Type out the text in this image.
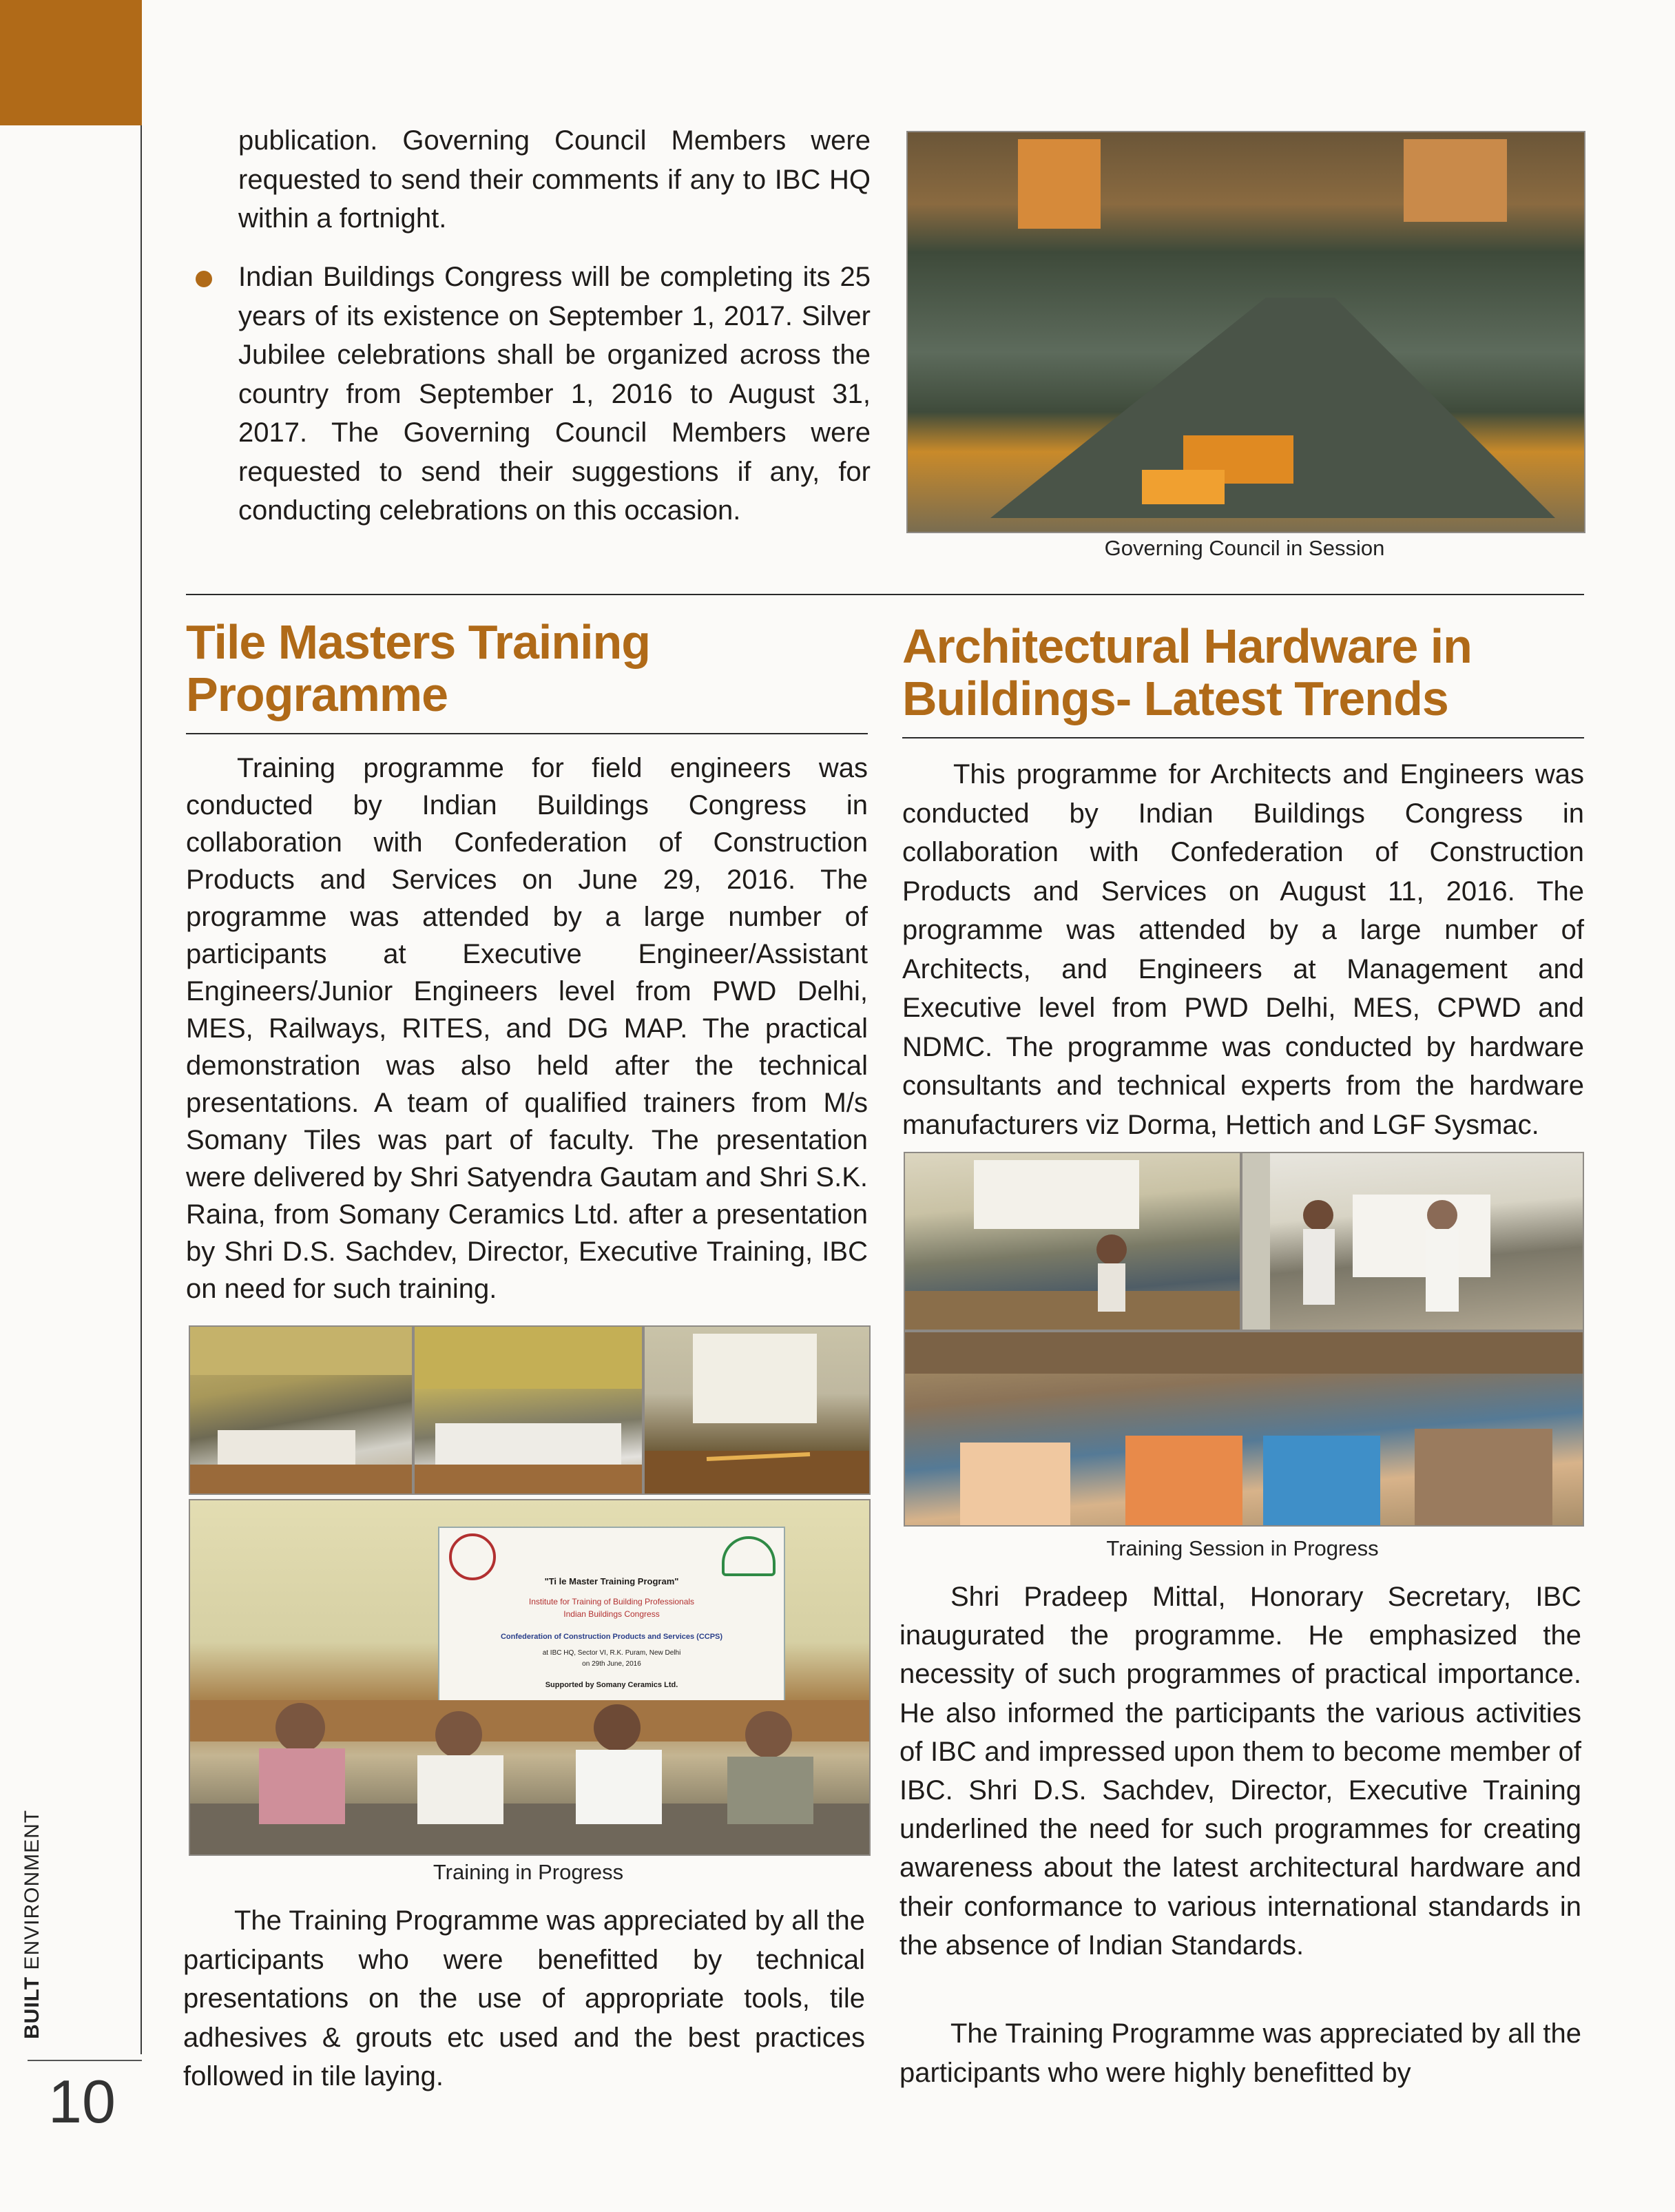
BUILT ENVIRONMENT
10

publication. Governing Council Members were requested to send their comments if any to IBC HQ within a fortnight.

Indian Buildings Congress will be completing its 25 years of its existence on September 1, 2017. Silver Jubilee celebrations shall be organized across the country from September 1, 2016 to August 31, 2017. The Governing Council Members were requested to send their suggestions if any, for conducting celebrations on this occasion.

Governing Council in Session
Tile Masters Training
Programme
Architectural Hardware in
Buildings- Latest Trends

Training programme for field engineers was conducted by Indian Buildings Congress in collaboration with Confederation of Construction Products and Services on June 29, 2016. The programme was attended by a large number of participants at Executive Engineer/Assistant Engineers/Junior Engineers level from PWD Delhi, MES, Railways, RITES, and DG MAP. The practical demonstration was also held after the technical presentations. A team of qualified trainers from M/s Somany Tiles was part of faculty. The presentation were delivered by Shri Satyendra Gautam and Shri S.K. Raina, from Somany Ceramics Ltd. after a presentation by Shri D.S. Sachdev, Director, Executive Training, IBC on need for such training.

"Ti le Master Training Program"
Institute for Training of Building Professionals
Indian Buildings Congress
Confederation of Construction Products and Services (CCPS)
at IBC HQ, Sector VI, R.K. Puram, New Delhi
on 29th June, 2016
Supported by Somany Ceramics Ltd.
Training in Progress

The Training Programme was appreciated by all the participants who were benefitted by technical presentations on the use of appropriate tools, tile adhesives & grouts etc used and the best practices followed in tile laying.

This programme for Architects and Engineers was conducted by Indian Buildings Congress in collaboration with Confederation of Construction Products and Services on August 11, 2016. The programme was attended by a large number of Architects, and Engineers at Management and Executive level from PWD Delhi, MES, CPWD and NDMC. The programme was conducted by hardware consultants and technical experts from the hardware manufacturers viz Dorma, Hettich and LGF Sysmac.

Training Session in Progress

Shri Pradeep Mittal, Honorary Secretary, IBC inaugurated the programme. He emphasized the necessity of such programmes of practical importance. He also informed the participants the various activities of IBC and impressed upon them to become member of IBC. Shri D.S. Sachdev, Director, Executive Training underlined the need for such programmes for creating awareness about the latest architectural hardware and their conformance to various international standards in the absence of Indian Standards.

The Training Programme was appreciated by all the participants who were highly benefitted by
